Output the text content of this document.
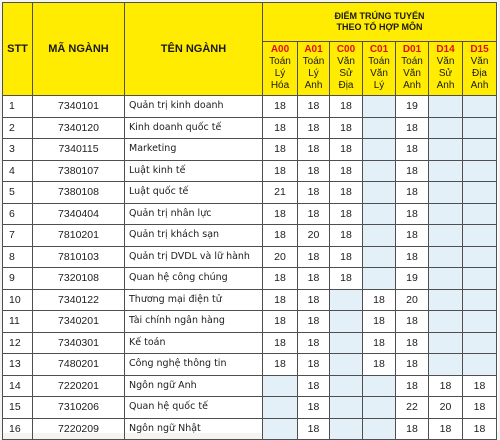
STT	MÃ NGÀNH	TÊN NGÀNH	ĐIỂM TRÚNG TUYỂN
THEO TỔ HỢP MÔN						

			A00
Toán
Lý
Hóa	A01
Toán
Lý
Anh	C00
Văn
Sử
Địa	C01
Toán
Văn
Lý	D01
Toán
Văn
Anh	D14
Văn
Sử
Anh	D15
Văn
Địa
Anh

1	7340101	Quản trị kinh doanh	18	18	18		19		
2	7340120	Kinh doanh quốc tế	18	18	18		18		
3	7340115	Marketing	18	18	18		18		
4	7380107	Luật kinh tế	18	18	18		18		
5	7380108	Luật quốc tế	21	18	18		18		
6	7340404	Quản trị nhân lực	18	18	18		18		
7	7810201	Quản trị khách sạn	18	20	18		18		
8	7810103	Quản trị DVDL và lữ hành	20	18	18		18		
9	7320108	Quan hệ công chúng	18	18	18		19		
10	7340122	Thương mại điện tử	18	18		18	20		
11	7340201	Tài chính ngân hàng	18	18		18	18		
12	7340301	Kế toán	18	18		18	18		
13	7480201	Công nghệ thông tin	18	18		18	18		
14	7220201	Ngôn ngữ Anh		18			18	18	18
15	7310206	Quan hệ quốc tế		18			22	20	18
16	7220209	Ngôn ngữ Nhật		18			18	18	18
